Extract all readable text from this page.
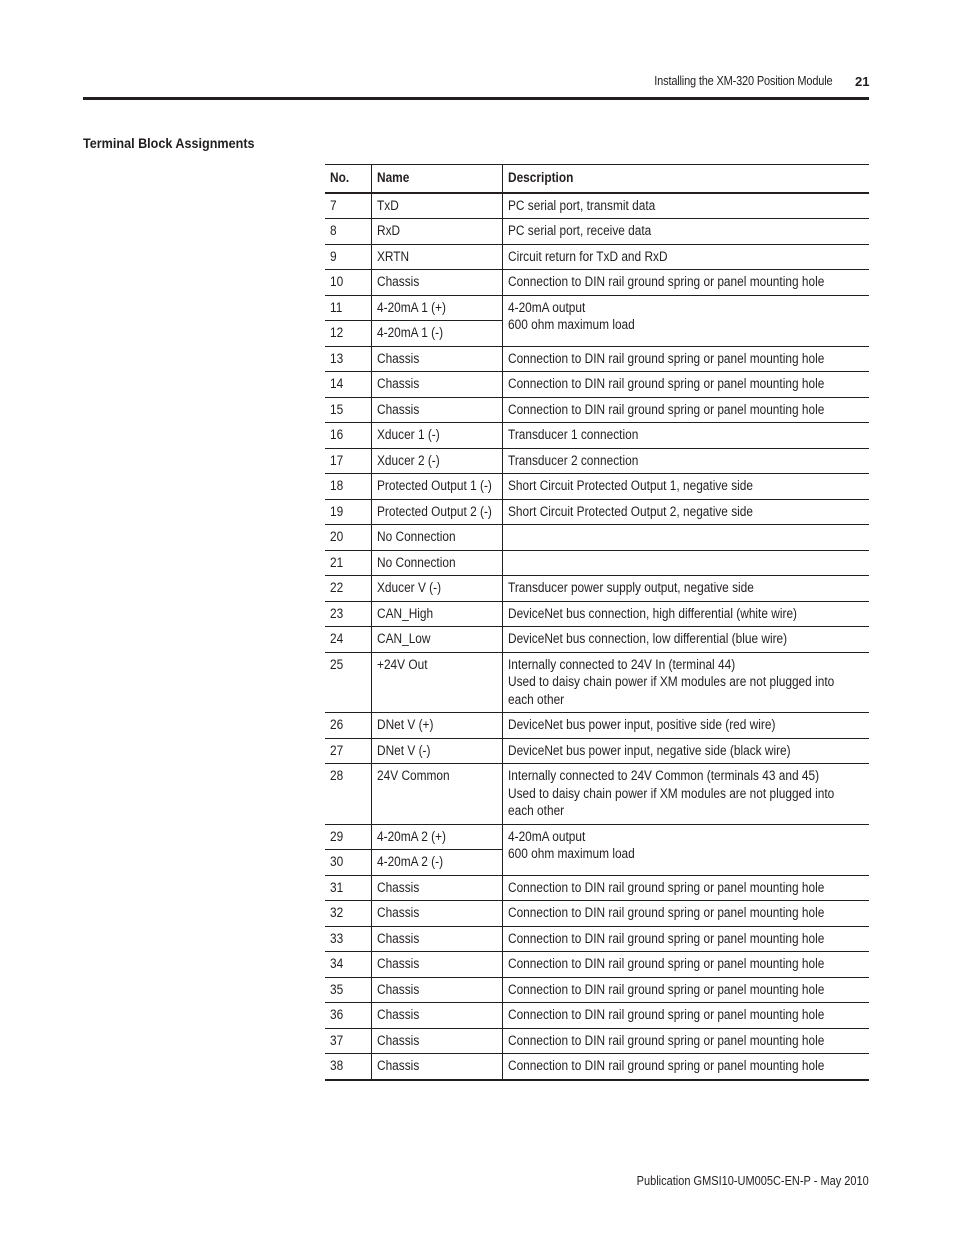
Installing the XM-320 Position Module 21
Terminal Block Assignments
No.	Name	Description
7	TxD	PC serial port, transmit data
8	RxD	PC serial port, receive data
9	XRTN	Circuit return for TxD and RxD
10	Chassis	Connection to DIN rail ground spring or panel mounting hole
11	4-20mA 1 (+)	4-20mA output
600 ohm maximum load
12	4-20mA 1 (-)	
13	Chassis	Connection to DIN rail ground spring or panel mounting hole
14	Chassis	Connection to DIN rail ground spring or panel mounting hole
15	Chassis	Connection to DIN rail ground spring or panel mounting hole
16	Xducer 1 (-)	Transducer 1 connection
17	Xducer 2 (-)	Transducer 2 connection
18	Protected Output 1 (-)	Short Circuit Protected Output 1, negative side
19	Protected Output 2 (-)	Short Circuit Protected Output 2, negative side
20	No Connection	
21	No Connection	
22	Xducer V (-)	Transducer power supply output, negative side
23	CAN_High	DeviceNet bus connection, high differential (white wire)
24	CAN_Low	DeviceNet bus connection, low differential (blue wire)
25	+24V Out	Internally connected to 24V In (terminal 44)
Used to daisy chain power if XM modules are not plugged into each other
26	DNet V (+)	DeviceNet bus power input, positive side (red wire)
27	DNet V (-)	DeviceNet bus power input, negative side (black wire)
28	24V Common	Internally connected to 24V Common (terminals 43 and 45)
Used to daisy chain power if XM modules are not plugged into each other
29	4-20mA 2 (+)	4-20mA output
600 ohm maximum load
30	4-20mA 2 (-)	
31	Chassis	Connection to DIN rail ground spring or panel mounting hole
32	Chassis	Connection to DIN rail ground spring or panel mounting hole
33	Chassis	Connection to DIN rail ground spring or panel mounting hole
34	Chassis	Connection to DIN rail ground spring or panel mounting hole
35	Chassis	Connection to DIN rail ground spring or panel mounting hole
36	Chassis	Connection to DIN rail ground spring or panel mounting hole
37	Chassis	Connection to DIN rail ground spring or panel mounting hole
38	Chassis	Connection to DIN rail ground spring or panel mounting hole
Publication GMSI10-UM005C-EN-P - May 2010
